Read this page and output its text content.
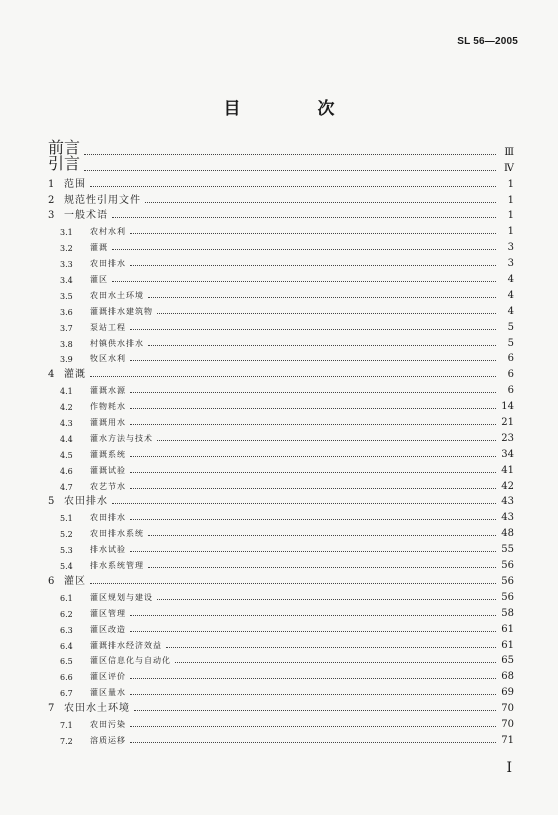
SL 56—2005
目　次
前言	Ⅲ
引言	Ⅳ
1 范围	1
2 规范性引用文件	1
3 一般术语	1
3.1	农村水利	1
3.2	灌溉	3
3.3	农田排水	3
3.4	灌区	4
3.5	农田水土环境	4
3.6	灌溉排水建筑物	4
3.7	泵站工程	5
3.8	村镇供水排水	5
3.9	牧区水利	6
4 灌溉	6
4.1	灌溉水源	6
4.2	作物耗水	14
4.3	灌溉用水	21
4.4	灌水方法与技术	23
4.5	灌溉系统	34
4.6	灌溉试验	41
4.7	农艺节水	42
5 农田排水	43
5.1	农田排水	43
5.2	农田排水系统	48
5.3	排水试验	55
5.4	排水系统管理	56
6 灌区	56
6.1	灌区规划与建设	56
6.2	灌区管理	58
6.3	灌区改造	61
6.4	灌溉排水经济效益	61
6.5	灌区信息化与自动化	65
6.6	灌区评价	68
6.7	灌区量水	69
7 农田水土环境	70
7.1	农田污染	70
7.2	溶质运移	71
I
